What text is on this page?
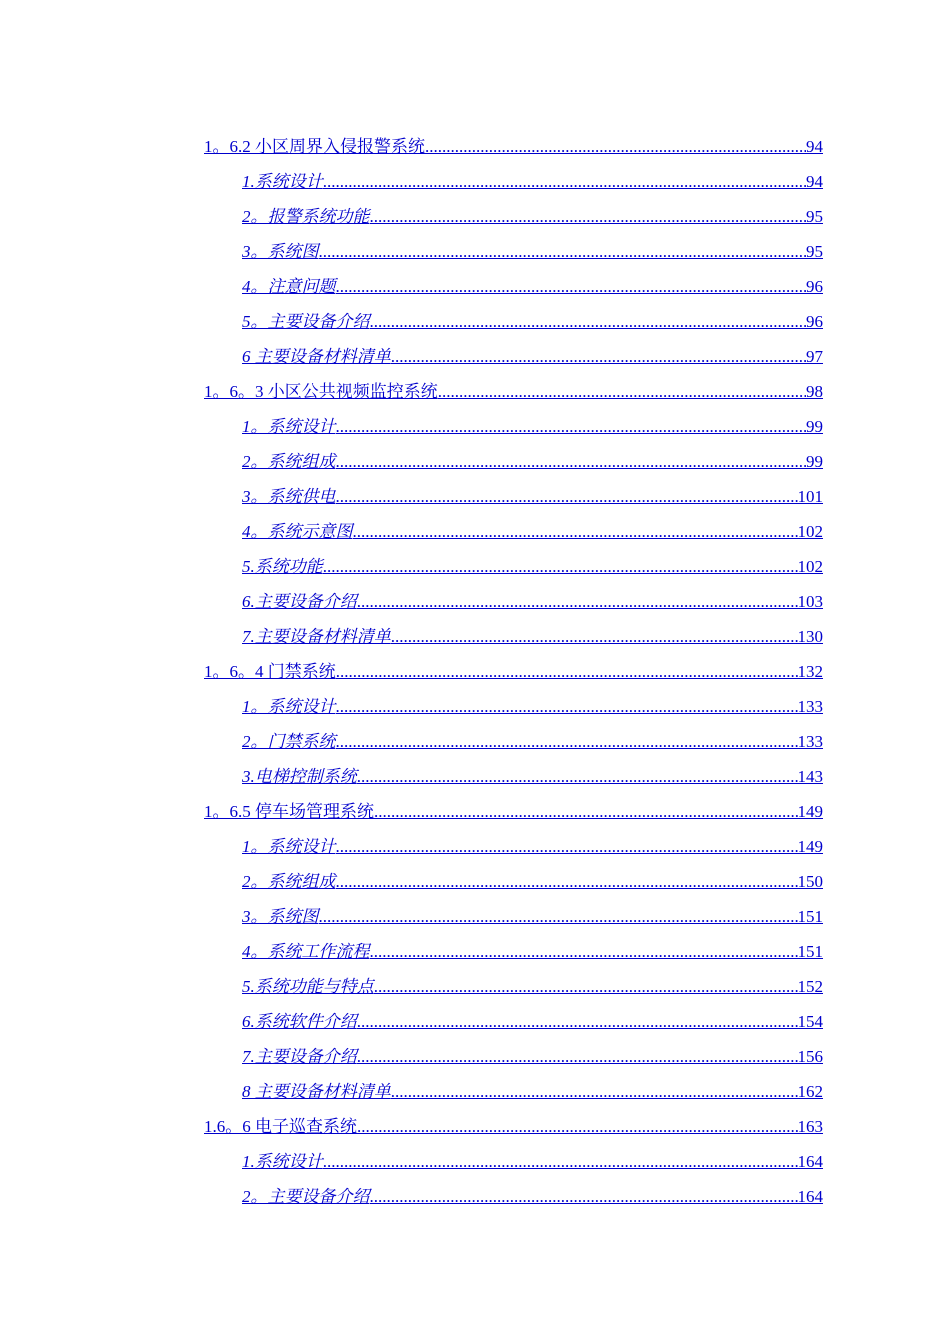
1。6.2 小区周界入侵报警系统 .....	94
1.系统设计 .....	94
2。报警系统功能 .....	95
3。系统图 .....	95
4。注意问题 .....	96
5。主要设备介绍 .....	96
6 主要设备材料清单 .....	97
1。6。3 小区公共视频监控系统 .....	98
1。系统设计 .....	99
2。系统组成 .....	99
3。系统供电 .....	101
4。系统示意图 .....	102
5.系统功能 .....	102
6.主要设备介绍 .....	103
7.主要设备材料清单 .....	130
1。6。4 门禁系统 .....	132
1。系统设计 .....	133
2。门禁系统 .....	133
3.电梯控制系统 .....	143
1。6.5 停车场管理系统 .....	149
1。系统设计 .....	149
2。系统组成 .....	150
3。系统图 .....	151
4。系统工作流程 .....	151
5.系统功能与特点 .....	152
6.系统软件介绍 .....	154
7.主要设备介绍 .....	156
8 主要设备材料清单 .....	162
1.6。6 电子巡查系统 .....	163
1.系统设计 .....	164
2。主要设备介绍 .....	164
